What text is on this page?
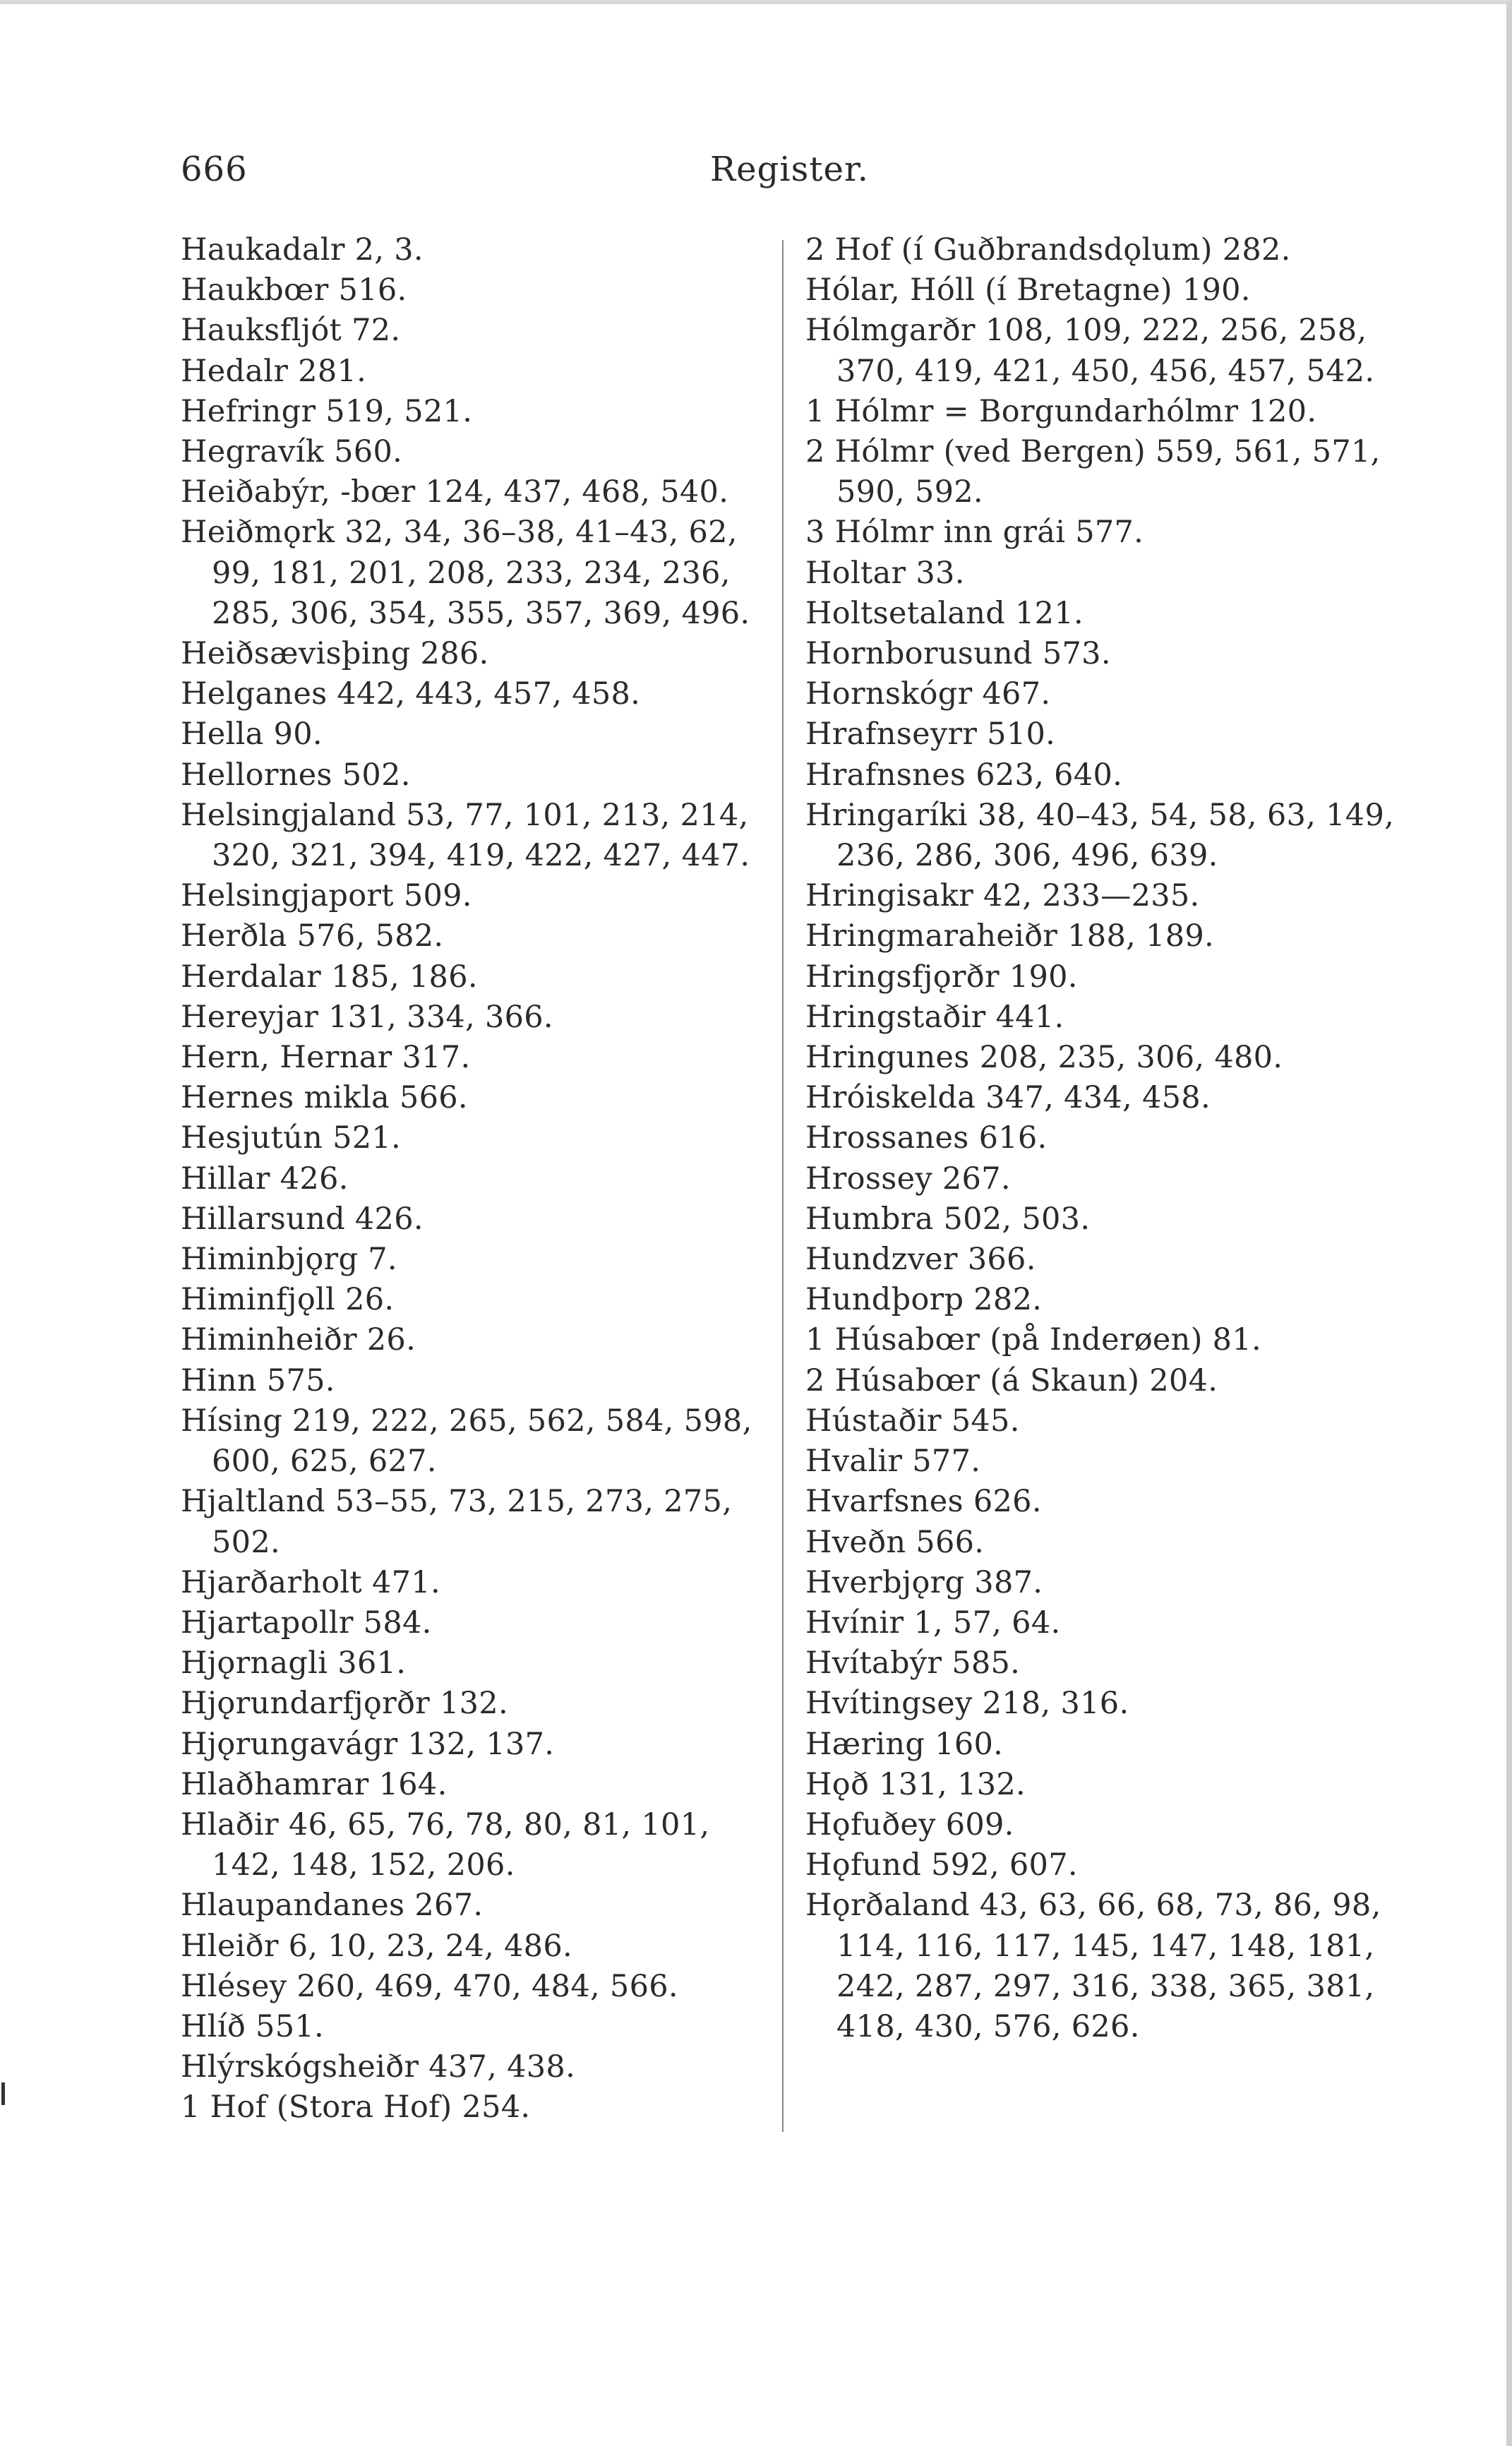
666	Register.
Haukadalr 2, 3.
Haukbœr 516.
Hauksfljót 72.
Hedalr 281.
Hefringr 519, 521.
Hegravík 560.
Heiðabýr, -bœr 124, 437, 468, 540.
Heiðmǫrk 32, 34, 36–38, 41–43, 62, 99, 181, 201, 208, 233, 234, 236, 285, 306, 354, 355, 357, 369, 496.
Heiðsævisþing 286.
Helganes 442, 443, 457, 458.
Hella 90.
Hellornes 502.
Helsingjaland 53, 77, 101, 213, 214, 320, 321, 394, 419, 422, 427, 447.
Helsingjaport 509.
Herðla 576, 582.
Herdalar 185, 186.
Hereyjar 131, 334, 366.
Hern, Hernar 317.
Hernes mikla 566.
Hesjutún 521.
Hillar 426.
Hillarsund 426.
Himinbjǫrg 7.
Himinfjǫll 26.
Himinheiðr 26.
Hinn 575.
Hísing 219, 222, 265, 562, 584, 598, 600, 625, 627.
Hjaltland 53–55, 73, 215, 273, 275, 502.
Hjarðarholt 471.
Hjartapollr 584.
Hjǫrnagli 361.
Hjǫrundarfjǫrðr 132.
Hjǫrungavágr 132, 137.
Hlaðhamrar 164.
Hlaðir 46, 65, 76, 78, 80, 81, 101, 142, 148, 152, 206.
Hlaupandanes 267.
Hleiðr 6, 10, 23, 24, 486.
Hlésey 260, 469, 470, 484, 566.
Hlíð 551.
Hlýrskógsheiðr 437, 438.
1 Hof (Stora Hof) 254.
2 Hof (í Guðbrandsdǫlum) 282.
Hólar, Hóll (í Bretagne) 190.
Hólmgarðr 108, 109, 222, 256, 258, 370, 419, 421, 450, 456, 457, 542.
1 Hólmr = Borgundarhólmr 120.
2 Hólmr (ved Bergen) 559, 561, 571, 590, 592.
3 Hólmr inn grái 577.
Holtar 33.
Holtsetaland 121.
Hornborusund 573.
Hornskógr 467.
Hrafnseyrr 510.
Hrafnsnes 623, 640.
Hringaríki 38, 40–43, 54, 58, 63, 149, 236, 286, 306, 496, 639.
Hringisakr 42, 233—235.
Hringmaraheiðr 188, 189.
Hringsfjǫrðr 190.
Hringstaðir 441.
Hringunes 208, 235, 306, 480.
Hróiskelda 347, 434, 458.
Hrossanes 616.
Hrossey 267.
Humbra 502, 503.
Hundzver 366.
Hundþorp 282.
1 Húsabœr (på Inderøen) 81.
2 Húsabœr (á Skaun) 204.
Hústaðir 545.
Hvalir 577.
Hvarfsnes 626.
Hveðn 566.
Hverbjǫrg 387.
Hvínir 1, 57, 64.
Hvítabýr 585.
Hvítingsey 218, 316.
Hæring 160.
Hǫð 131, 132.
Hǫfuðey 609.
Hǫfund 592, 607.
Hǫrðaland 43, 63, 66, 68, 73, 86, 98, 114, 116, 117, 145, 147, 148, 181, 242, 287, 297, 316, 338, 365, 381, 418, 430, 576, 626.
